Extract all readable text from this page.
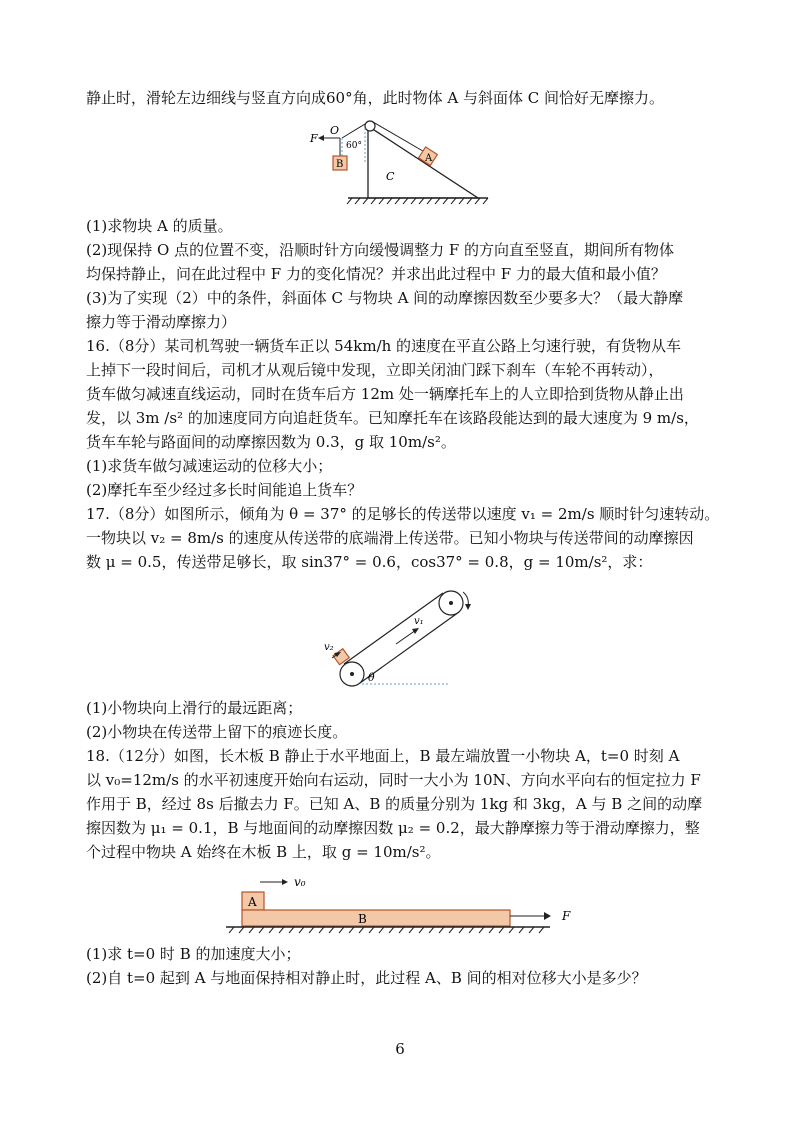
静止时，滑轮左边细线与竖直方向成60°角，此时物体 A 与斜面体 C 间恰好无摩擦力。
F
O
60°
B
A
C
(1)求物块 A 的质量。
(2)现保持 O 点的位置不变，沿顺时针方向缓慢调整力 F 的方向直至竖直，期间所有物体
均保持静止，问在此过程中 F 力的变化情况？并求出此过程中 F 力的最大值和最小值？
(3)为了实现（2）中的条件，斜面体 C 与物块 A 间的动摩擦因数至少要多大？（最大静摩
擦力等于滑动摩擦力）
16.（8分）某司机驾驶一辆货车正以 54km/h 的速度在平直公路上匀速行驶，有货物从车
上掉下一段时间后，司机才从观后镜中发现，立即关闭油门踩下刹车（车轮不再转动），
货车做匀减速直线运动，同时在货车后方 12m 处一辆摩托车上的人立即拾到货物从静止出
发，以 3m /s² 的加速度同方向追赶货车。已知摩托车在该路段能达到的最大速度为 9 m/s，
货车车轮与路面间的动摩擦因数为 0.3，g 取 10m/s²。
(1)求货车做匀减速运动的位移大小；
(2)摩托车至少经过多长时间能追上货车？
17.（8分）如图所示，倾角为 θ = 37° 的足够长的传送带以速度 v₁ = 2m/s 顺时针匀速转动。
一物块以 v₂ = 8m/s 的速度从传送带的底端滑上传送带。已知小物块与传送带间的动摩擦因
数 μ = 0.5，传送带足够长，取 sin37° = 0.6，cos37° = 0.8，g = 10m/s²，求：
v₁
v₂
θ
(1)小物块向上滑行的最远距离；
(2)小物块在传送带上留下的痕迹长度。
18.（12分）如图，长木板 B 静止于水平地面上，B 最左端放置一小物块 A，t=0 时刻 A
以 v₀=12m/s 的水平初速度开始向右运动，同时一大小为 10N、方向水平向右的恒定拉力 F
作用于 B，经过 8s 后撤去力 F。已知 A、B 的质量分别为 1kg 和 3kg，A 与 B 之间的动摩
擦因数为 μ₁ = 0.1，B 与地面间的动摩擦因数 μ₂ = 0.2，最大静摩擦力等于滑动摩擦力，整
个过程中物块 A 始终在木板 B 上，取 g = 10m/s²。
v₀
A
B	F
(1)求 t=0 时 B 的加速度大小；
(2)自 t=0 起到 A 与地面保持相对静止时，此过程 A、B 间的相对位移大小是多少？
6
